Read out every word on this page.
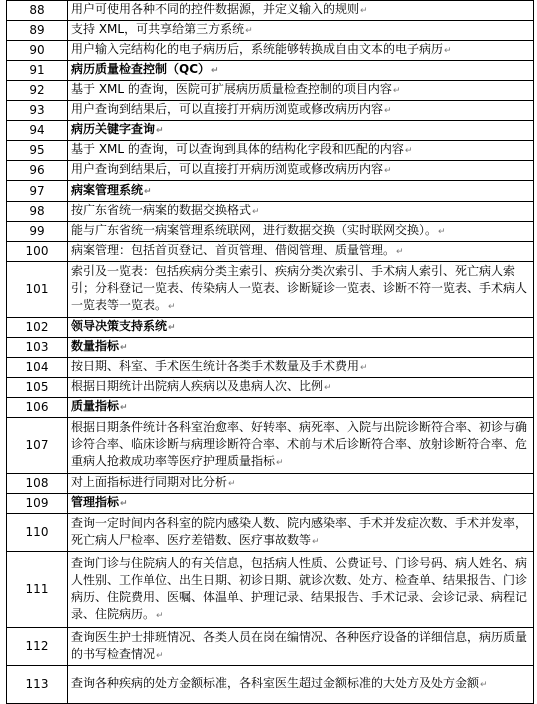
88	用户可使用各种不同的控件数据源，并定义输入的规则↵
89	支持 XML，可共享给第三方系统↵
90	用户输入完结构化的电子病历后，系统能够转换成自由文本的电子病历↵
91	病历质量检查控制（QC）↵
92	基于 XML 的查询，医院可扩展病历质量检查控制的项目内容↵
93	用户查询到结果后，可以直接打开病历浏览或修改病历内容↵
94	病历关键字查询↵
95	基于 XML 的查询，可以查询到具体的结构化字段和匹配的内容↵
96	用户查询到结果后，可以直接打开病历浏览或修改病历内容↵
97	病案管理系统↵
98	按广东省统一病案的数据交换格式↵
99	能与广东省统一病案管理系统联网，进行数据交换（实时联网交换）。↵
100	病案管理：包括首页登记、首页管理、借阅管理、质量管理。↵
101	索引及一览表：包括疾病分类主索引、疾病分类次索引、手术病人索引、死亡病人索引；分科登记一览表、传染病人一览表、诊断疑诊一览表、诊断不符一览表、手术病人一览表等一览表。↵
102	领导决策支持系统↵
103	数量指标↵
104	按日期、科室、手术医生统计各类手术数量及手术费用↵
105	根据日期统计出院病人疾病以及患病人次、比例↵
106	质量指标↵
107	根据日期条件统计各科室治愈率、好转率、病死率、入院与出院诊断符合率、初诊与确诊符合率、临床诊断与病理诊断符合率、术前与术后诊断符合率、放射诊断符合率、危重病人抢救成功率等医疗护理质量指标↵
108	对上面指标进行同期对比分析↵
109	管理指标↵
110	查询一定时间内各科室的院内感染人数、院内感染率、手术并发症次数、手术并发率，死亡病人尸检率、医疗差错数、医疗事故数等↵
111	查询门诊与住院病人的有关信息，包括病人性质、公费证号、门诊号码、病人姓名、病人性别、工作单位、出生日期、初诊日期、就诊次数、处方、检查单、结果报告、门诊病历、住院费用、医嘱、体温单、护理记录、结果报告、手术记录、会诊记录、病程记录、住院病历。↵
112	查询医生护士排班情况、各类人员在岗在编情况、各种医疗设备的详细信息，病历质量的书写检查情况↵
113	查询各种疾病的处方金额标准，各科室医生超过金额标准的大处方及处方金额↵
